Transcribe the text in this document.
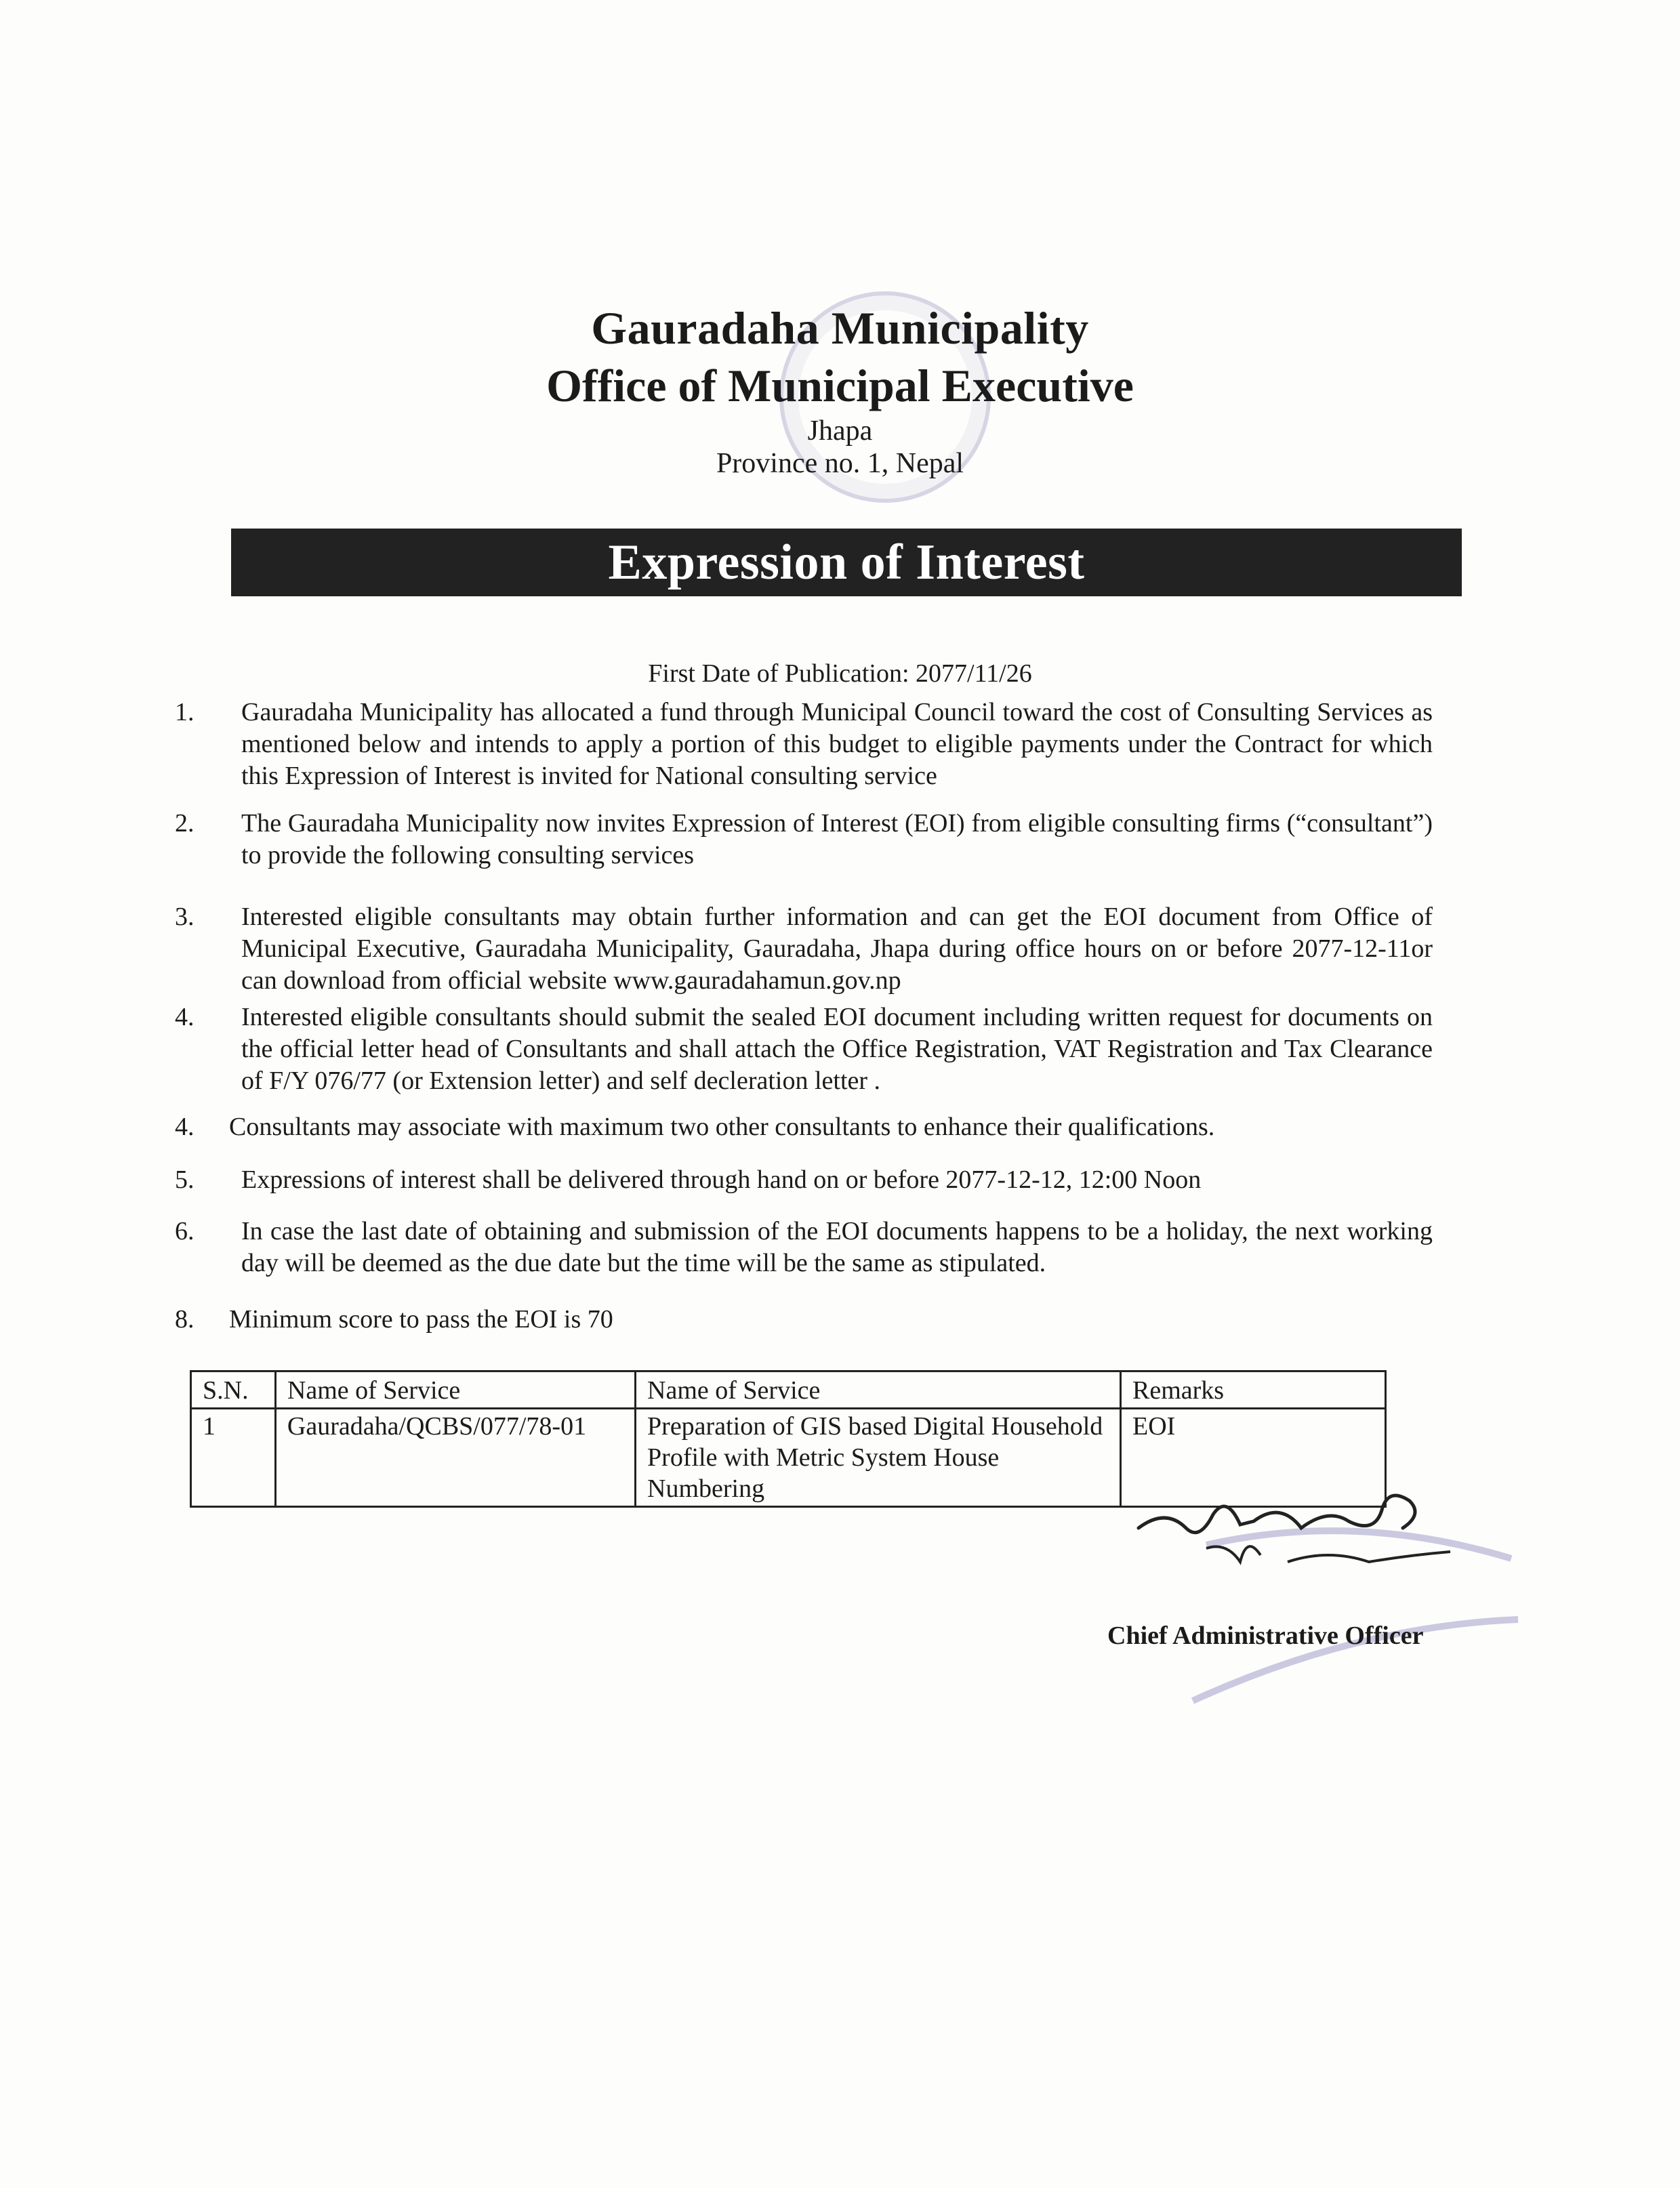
Gauradaha Municipality
Office of Municipal Executive
Jhapa
Province no. 1, Nepal
Expression of Interest
First Date of Publication: 2077/11/26
1. Gauradaha Municipality has allocated a fund through Municipal Council toward the cost of Consulting Services as mentioned below and intends to apply a portion of this budget to eligible payments under the Contract for which this Expression of Interest is invited for National consulting service
2. The Gauradaha Municipality now invites Expression of Interest (EOI) from eligible consulting firms (“consultant”) to provide the following consulting services
3. Interested eligible consultants may obtain further information and can get the EOI document from Office of Municipal Executive, Gauradaha Municipality, Gauradaha, Jhapa during office hours on or before 2077-12-11or can download from official website www.gauradahamun.gov.np
4. Interested eligible consultants should submit the sealed EOI document including written request for documents on the official letter head of Consultants and shall attach the Office Registration, VAT Registration and Tax Clearance of F/Y 076/77 (or Extension letter) and self decleration letter .
4. Consultants may associate with maximum two other consultants to enhance their qualifications.
5. Expressions of interest shall be delivered through hand on or before 2077-12-12, 12:00 Noon
6. In case the last date of obtaining and submission of the EOI documents happens to be a holiday, the next working day will be deemed as the due date but the time will be the same as stipulated.
8. Minimum score to pass the EOI is 70
S.N.	Name of Service	Name of Service	Remarks
1	Gauradaha/QCBS/077/78-01	Preparation of GIS based Digital Household Profile with Metric System House Numbering	EOI
Chief Administrative Officer
